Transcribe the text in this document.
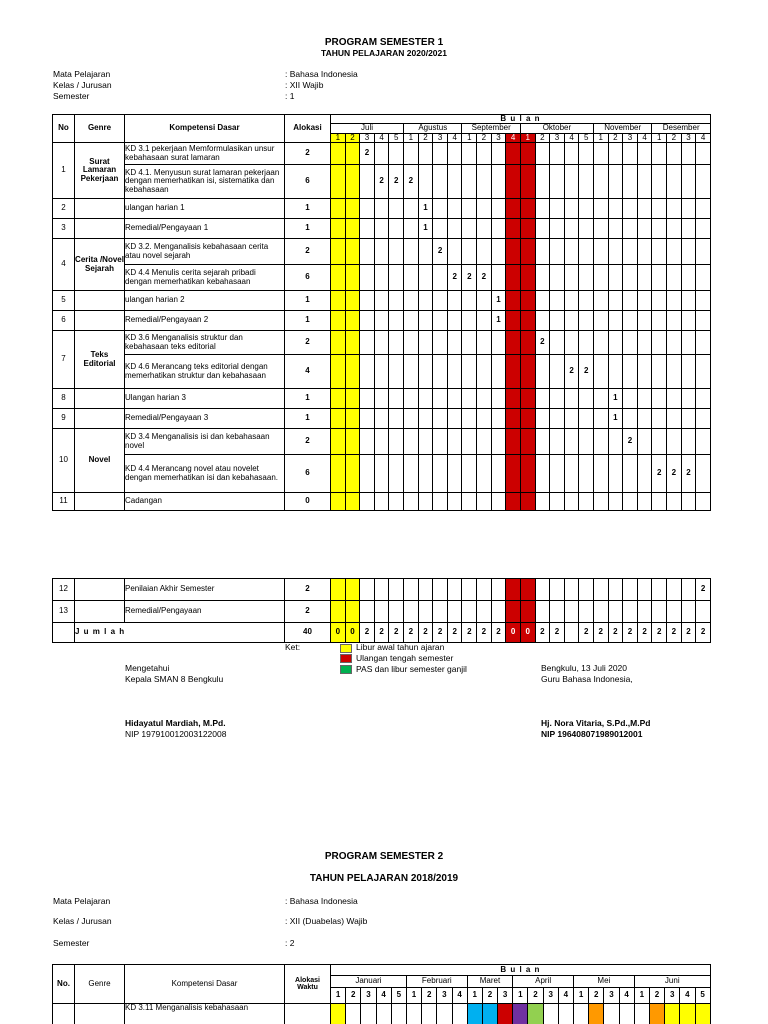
PROGRAM SEMESTER 1
TAHUN PELAJARAN 2020/2021
Mata Pelajaran	: Bahasa Indonesia
Kelas / Jurusan	: XII Wajib
Semester	: 1
No	Genre	Kompetensi Dasar	Alokasi	B u l a n																									
				Juli					Agustus				September				Oktober					November				Desember			
				1	2	3	4	5	1	2	3	4	1	2	3	4	1	2	3	4	5	1	2	3	4	1	2	3	4
1	Surat Lamaran Pekerjaan	KD 3.1 pekerjaan Memformulasikan unsur kebahasaan surat lamaran	2			2																							
		KD 4.1. Menyusun surat lamaran pekerjaan dengan memerhatikan isi, sistematika dan kebahasaan	6				2	2	2																				
2		ulangan harian 1	1							1																			
3		Remedial/Pengayaan 1	1							1																			
4	Cerita /Novel Sejarah	KD 3.2. Menganalisis kebahasaan cerita atau novel sejarah	2								2																		
		KD 4.4 Menulis cerita sejarah pribadi dengan memerhatikan kebahasaan	6									2	2	2															
5		ulangan harian 2	1												1														
6		Remedial/Pengayaan 2	1												1														
7	Teks Editorial	KD 3.6 Menganalisis struktur dan kebahasaan teks editorial	2															2											
		KD 4.6 Merancang teks editorial dengan memerhatikan struktur dan kebahasaan	4																	2	2								
8		Ulangan harian 3	1																				1						
9		Remedial/Pengayaan 3	1																				1						
10	Novel	KD 3.4 Menganalisis isi dan kebahasaan novel	2																					2					
		KD 4.4 Merancang novel atau novelet dengan memerhatikan isi dan kebahasaan.	6																							2	2	2	
11		Cadangan	0																										
12		Penilaian Akhir Semester	2																										2
13		Remedial/Pengayaan	2																										
	J u m l a h		40	0	0	2	2	2	2	2	2	2	2	2	2	0	0	2	2		2	2	2	2	2	2	2	2	2
Ket:	Libur awal tahun ajaran
Ulangan tengah semester
PAS dan libur semester ganjil
Mengetahui
Kepala SMAN 8 Bengkulu
Hidayatul Mardiah, M.Pd.
NIP 197910012003122008
Bengkulu, 13 Juli 2020
Guru Bahasa Indonesia,
Hj. Nora Vitaria, S.Pd.,M.Pd
NIP 196408071989012001
PROGRAM SEMESTER 2
TAHUN PELAJARAN 2018/2019
Mata Pelajaran	: Bahasa Indonesia
Kelas / Jurusan	: XII (Duabelas) Wajib
Semester	: 2
No.	Genre	Kompetensi Dasar	Alokasi Waktu	B u l a n																								
				Januari					Februari				Maret			April				Mei				Juni				
				1	2	3	4	5	1	2	3	4	1	2	3	1	2	3	4	1	2	3	4	1	2	3	4	5
		KD 3.11 Menganalisis kebahasaan																										
